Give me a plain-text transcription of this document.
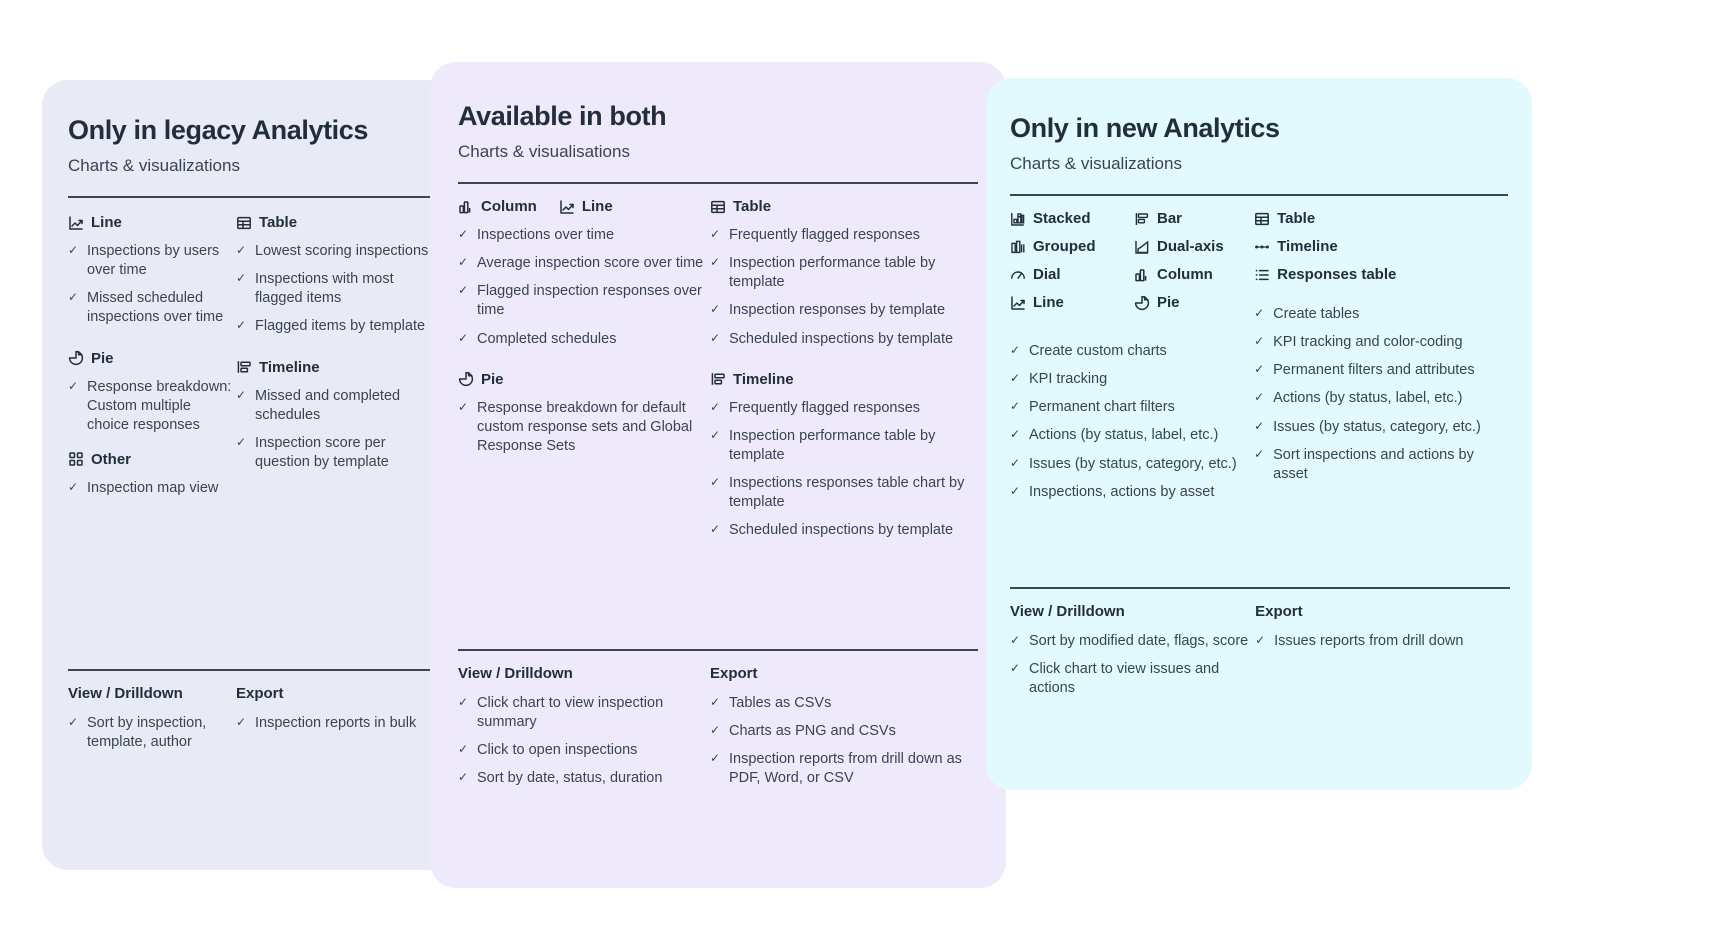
Only in legacy Analytics

Charts & visualizations

Line
✓ Inspections by users over time
✓ Missed scheduled inspections over time
Pie
✓ Response breakdown: Custom multiple choice responses
Other
✓ Inspection map view
Table
✓ Lowest scoring inspections
✓ Inspections with most flagged items
✓ Flagged items by template
Timeline
✓ Missed and completed schedules
✓ Inspection score per question by template
View / Drilldown
✓ Sort by inspection, template, author
Export
✓ Inspection reports in bulk
Available in both

Charts & visualisations

Column	Line
✓ Inspections over time
✓ Average inspection score over time
✓ Flagged inspection responses over time
✓ Completed schedules
Pie
✓ Response breakdown for default custom response sets and Global Response Sets
Table
✓ Frequently flagged responses
✓ Inspection performance table by template
✓ Inspection responses by template
✓ Scheduled inspections by template
Timeline
✓ Frequently flagged responses
✓ Inspection performance table by template
✓ Inspections responses table chart by template
✓ Scheduled inspections by template
View / Drilldown
✓ Click chart to view inspection summary
✓ Click to open inspections
✓ Sort by date, status, duration
Export
✓ Tables as CSVs
✓ Charts as PNG and CSVs
✓ Inspection reports from drill down as PDF, Word, or CSV
Only in new Analytics

Charts & visualizations

Stacked
Grouped
Dial
Line
Bar
Dual-axis
Column
Pie
✓ Create custom charts
✓ KPI tracking
✓ Permanent chart filters
✓ Actions (by status, label, etc.)
✓ Issues (by status, category, etc.)
✓ Inspections, actions by asset
Table
Timeline
Responses table
✓ Create tables
✓ KPI tracking and color-coding
✓ Permanent filters and attributes
✓ Actions (by status, label, etc.)
✓ Issues (by status, category, etc.)
✓ Sort inspections and actions by asset
View / Drilldown
✓ Sort by modified date, flags, score
✓ Click chart to view issues and actions
Export
✓ Issues reports from drill down
